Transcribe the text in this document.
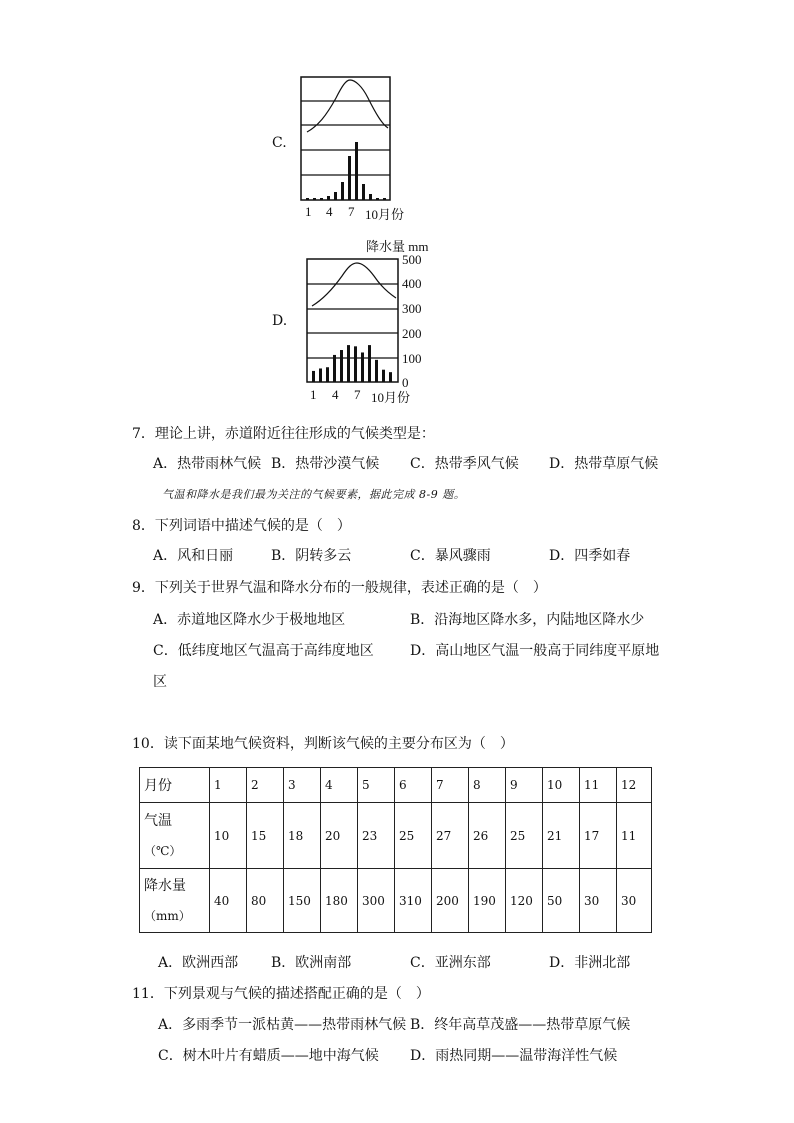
C.
1 4 7 10月份
降水量 mm
D.
500
400
300
200
100
0
1 4 7 10月份
7．理论上讲，赤道附近往往形成的气候类型是：
A．热带雨林气候 B．热带沙漠气候 C．热带季风气候 D．热带草原气候
气温和降水是我们最为关注的气候要素，据此完成 8-9 题。
8．下列词语中描述气候的是（　）
A．风和日丽	B．阴转多云	C．暴风骤雨	D．四季如春
9．下列关于世界气温和降水分布的一般规律，表述正确的是（　）
A．赤道地区降水少于极地地区	B．沿海地区降水多，内陆地区降水少
C．低纬度地区气温高于高纬度地区	D．高山地区气温一般高于同纬度平原地
区
10．读下面某地气候资料，判断该气候的主要分布区为（　）
月份	1	2	3	4	5	6	7	8	9	10	11	12
气温
（℃）	10	15	18	20	23	25	27	26	25	21	17	11
降水量
（mm）	40	80	150	180	300	310	200	190	120	50	30	30
A．欧洲西部 B．欧洲南部	C．亚洲东部	D．非洲北部
11．下列景观与气候的描述搭配正确的是（　）
A．多雨季节一派枯黄——热带雨林气候 B．终年高草茂盛——热带草原气候
C．树木叶片有蜡质——地中海气候 D．雨热同期——温带海洋性气候
